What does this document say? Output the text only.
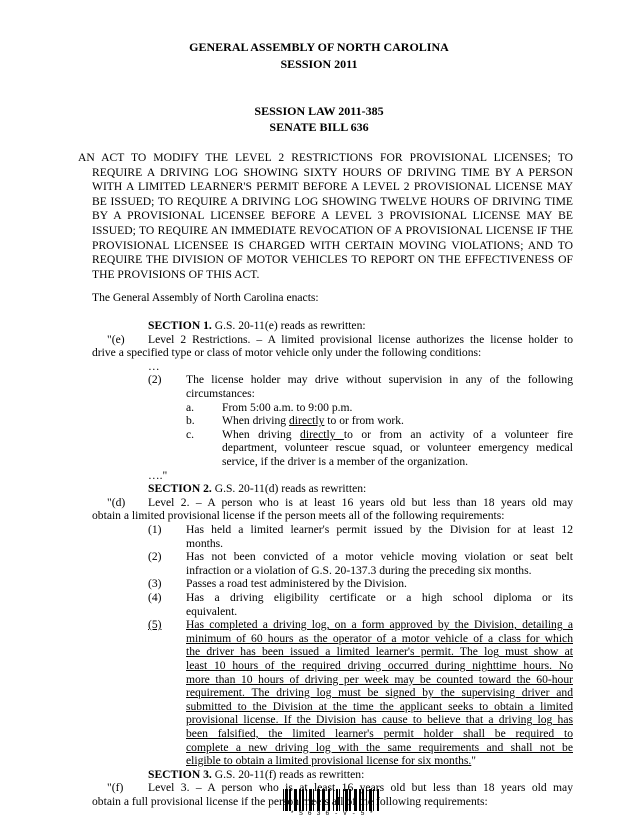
GENERAL ASSEMBLY OF NORTH CAROLINA
SESSION 2011
SESSION LAW 2011-385
SENATE BILL 636
AN ACT TO MODIFY THE LEVEL 2 RESTRICTIONS FOR PROVISIONAL LICENSES; TO REQUIRE A DRIVING LOG SHOWING SIXTY HOURS OF DRIVING TIME BY A PERSON WITH A LIMITED LEARNER'S PERMIT BEFORE A LEVEL 2 PROVISIONAL LICENSE MAY BE ISSUED; TO REQUIRE A DRIVING LOG SHOWING TWELVE HOURS OF DRIVING TIME BY A PROVISIONAL LICENSEE BEFORE A LEVEL 3 PROVISIONAL LICENSE MAY BE ISSUED; TO REQUIRE AN IMMEDIATE REVOCATION OF A PROVISIONAL LICENSE IF THE PROVISIONAL LICENSEE IS CHARGED WITH CERTAIN MOVING VIOLATIONS; AND TO REQUIRE THE DIVISION OF MOTOR VEHICLES TO REPORT ON THE EFFECTIVENESS OF THE PROVISIONS OF THIS ACT.
The General Assembly of North Carolina enacts:
SECTION 1. G.S. 20-11(e) reads as rewritten:
"(e) Level 2 Restrictions. – A limited provisional license authorizes the license holder to
drive a specified type or class of motor vehicle only under the following conditions:
…
(2) The license holder may drive without supervision in any of the following
circumstances:
a. From 5:00 a.m. to 9:00 p.m.
b. When driving directly to or from work.
c. When driving directly to or from an activity of a volunteer fire
department, volunteer rescue squad, or volunteer emergency medical
service, if the driver is a member of the organization.
…."
SECTION 2. G.S. 20-11(d) reads as rewritten:
"(d) Level 2. – A person who is at least 16 years old but less than 18 years old may
obtain a limited provisional license if the person meets all of the following requirements:
(1) Has held a limited learner's permit issued by the Division for at least 12
months.
(2) Has not been convicted of a motor vehicle moving violation or seat belt
infraction or a violation of G.S. 20-137.3 during the preceding six months.
(3) Passes a road test administered by the Division.
(4) Has a driving eligibility certificate or a high school diploma or its
equivalent.
(5) Has completed a driving log, on a form approved by the Division, detailing a
minimum of 60 hours as the operator of a motor vehicle of a class for which
the driver has been issued a limited learner's permit. The log must show at
least 10 hours of the required driving occurred during nighttime hours. No
more than 10 hours of driving per week may be counted toward the 60-hour
requirement. The driving log must be signed by the supervising driver and
submitted to the Division at the time the applicant seeks to obtain a limited
provisional license. If the Division has cause to believe that a driving log has
been falsified, the limited learner's permit holder shall be required to
* S 6 3 6 - V - 5 *
complete a new driving log with the same requirements and shall not be
eligible to obtain a limited provisional license for six months."
SECTION 3. G.S. 20-11(f) reads as rewritten:
"(f) Level 3. – A person who is at least 16 years old but less than 18 years old may
obtain a full provisional license if the person meets all of the following requirements:
